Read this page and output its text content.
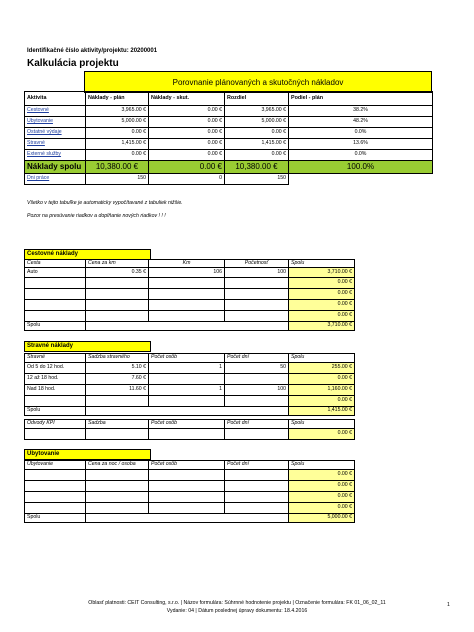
Identifikačné číslo aktivity/projektu: 20200001
Kalkulácia projektu
Porovnanie plánovaných a skutočných nákladov
Aktivita	Náklady - plán	Náklady - skut.	Rozdiel	Podiel - plán
Cestovné	3,965.00 €	0.00 €	3,965.00 €	38.2%
Ubytovanie	5,000.00 €	0.00 €	5,000.00 €	48.2%
Ostatné výdaje	0.00 €	0.00 €	0.00 €	0.0%
Stravné	1,415.00 €	0.00 €	1,415.00 €	13.6%
Externé služby	0.00 €	0.00 €	0.00 €	0.0%
Náklady spolu	10,380.00 €	0.00 €	10,380.00 €	100.0%
Dni práce	150	0	150	
Všetko v tejto tabuľke je automaticky vypočítavané z tabuliek nižšie.
Pozor na presúvanie riadkov a doplňanie nových riadkov ! ! !
Cestovné náklady
Cesta	Cena za km	Km	Početnosť	Spolu
Auto	0.35 €	106	100	3,710.00 €
				0.00 €
				0.00 €
				0.00 €
				0.00 €
Spolu				3,710.00 €
Stravné náklady
Stravné	Sadzba stravného	Počet osôb	Počet dní	Spolu
Od 5 do 12 hod.	5.10 €	1	50	255.00 €
12 až 18 hod.	7.60 €			0.00 €
Nad 18 hod.	11.60 €	1	100	1,160.00 €
				0.00 €
Spolu				1,415.00 €
Odvody KPI	Sadzba	Počet osôb	Počet dní	Spolu
				0.00 €
Ubytovanie
Ubytovanie	Cena za noc / osoba	Počet osôb	Počet dní	Spolu
				0.00 €
				0.00 €
				0.00 €
				0.00 €
Spolu				5,000.00 €
Oblasť platnosti: CEIT Consulting, s.r.o. | Názov formulára: Súhrnné hodnotenie projektu | Označenie formulára: FK 01_06_02_11
Vydanie: 04 | Dátum poslednej úpravy dokumentu: 18.4.2016
1
